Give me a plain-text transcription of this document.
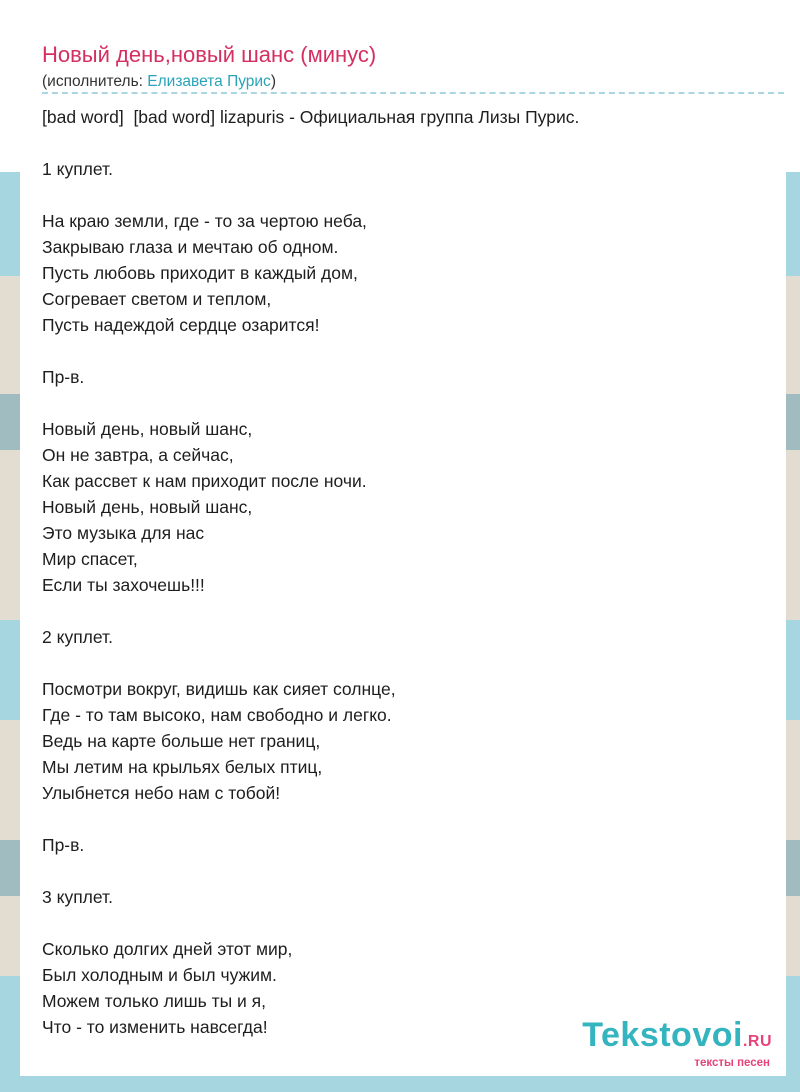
Новый день,новый шанс (минус)
(исполнитель: Елизавета Пурис)
[bad word]  [bad word] lizapuris - Официальная группа Лизы Пурис.

1 куплет.

На краю земли, где - то за чертою неба,
Закрываю глаза и мечтаю об одном.
Пусть любовь приходит в каждый дом,
Согревает светом и теплом,
Пусть надеждой сердце озарится!

Пр-в.

Новый день, новый шанс,
Он не завтра, а сейчас,
Как рассвет к нам приходит после ночи.
Новый день, новый шанс,
Это музыка для нас
Мир спасет,
Если ты захочешь!!!

2 куплет.

Посмотри вокруг, видишь как сияет солнце,
Где - то там высоко, нам свободно и легко.
Ведь на карте больше нет границ,
Мы летим на крыльях белых птиц,
Улыбнется небо нам с тобой!

Пр-в.

3 куплет.

Сколько долгих дней этот мир,
Был холодным и был чужим.
Можем только лишь ты и я,
Что - то изменить навсегда!	Tekstovoi.RU
тексты песен
